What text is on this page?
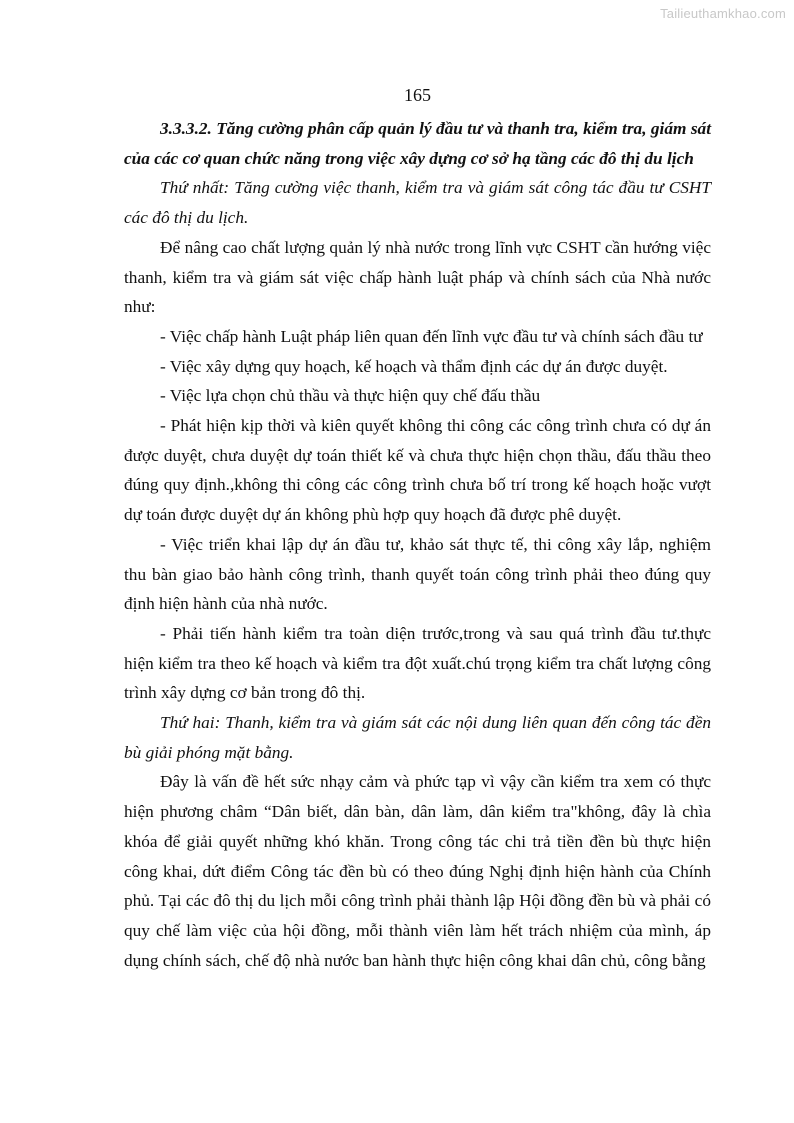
Tailieuthamkhao.com
165

3.3.3.2. Tăng cường phân cấp quản lý đầu tư và thanh tra, kiểm tra, giám sát của các cơ quan chức năng trong việc xây dựng cơ sở hạ tầng các đô thị du lịch

Thứ nhất: Tăng cường việc thanh, kiểm tra và giám sát công tác đầu tư CSHT các đô thị du lịch.

Để nâng cao chất lượng quản lý nhà nước trong lĩnh vực CSHT cần hướng việc thanh, kiểm tra và giám sát việc chấp hành luật pháp và chính sách của Nhà nước như:

- Việc chấp hành Luật pháp liên quan đến lĩnh vực đầu tư và chính sách đầu tư

- Việc xây dựng quy hoạch, kế hoạch và thẩm định các dự án được duyệt.

- Việc lựa chọn chủ thầu và thực hiện quy chế đấu thầu

- Phát hiện kịp thời và kiên quyết không thi công các công trình chưa có dự án được duyệt, chưa duyệt dự toán thiết kế và chưa thực hiện chọn thầu, đấu thầu theo đúng quy định.,không thi công các công trình chưa bố trí trong kế hoạch hoặc vượt dự toán được duyệt dự án không phù hợp quy hoạch đã được phê duyệt.

- Việc triển khai lập dự án đầu tư, khảo sát thực tế, thi công xây lắp, nghiệm thu bàn giao bảo hành công trình, thanh quyết toán công trình phải theo đúng quy định hiện hành của nhà nước.

- Phải tiến hành kiểm tra toàn diện trước,trong và sau quá trình đầu tư.thực hiện kiểm tra theo kế hoạch và kiểm tra đột xuất.chú trọng kiểm tra chất lượng công trình xây dựng cơ bản trong đô thị.

Thứ hai: Thanh, kiểm tra và giám sát các nội dung liên quan đến công tác đền bù giải phóng mặt bằng.

Đây là vấn đề hết sức nhạy cảm và phức tạp vì vậy cần kiểm tra xem có thực hiện phương châm “Dân biết, dân bàn, dân làm, dân kiểm tra"không, đây là chìa khóa để giải quyết những khó khăn. Trong công tác chi trả tiền đền bù thực hiện công khai, dứt điểm Công tác đền bù có theo đúng Nghị định hiện hành của Chính phủ. Tại các đô thị du lịch mỗi công trình phải thành lập Hội đồng đền bù và phải có quy chế làm việc của hội đồng, mỗi thành viên làm hết trách nhiệm của mình, áp dụng chính sách, chế độ nhà nước ban hành thực hiện công khai dân chủ, công bằng
